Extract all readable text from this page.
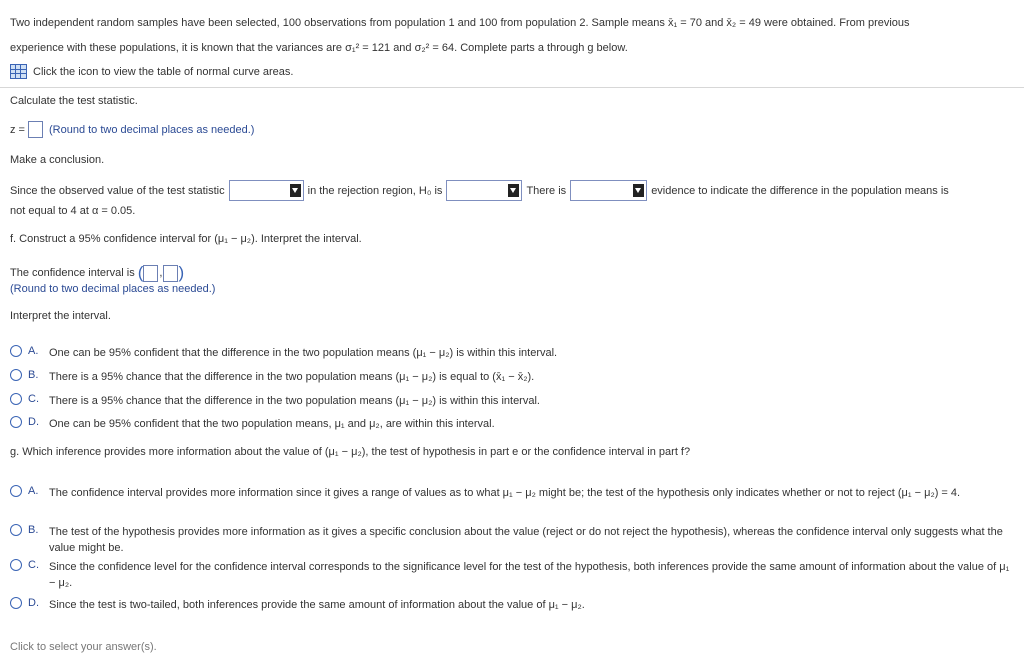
Two independent random samples have been selected, 100 observations from population 1 and 100 from population 2. Sample means x̄₁ = 70 and x̄₂ = 49 were obtained. From previous
experience with these populations, it is known that the variances are σ₁² = 121 and σ₂² = 64. Complete parts a through g below.
Click the icon to view the table of normal curve areas.
Calculate the test statistic.
z = (Round to two decimal places as needed.)
Make a conclusion.
Since the observed value of the test statistic	in the rejection region, H₀ is	There is	evidence to indicate the difference in the population means is
not equal to 4 at α = 0.05.
f. Construct a 95% confidence interval for (μ₁ − μ₂). Interpret the interval.
The confidence interval is ( , )
(Round to two decimal places as needed.)
Interpret the interval.
A. One can be 95% confident that the difference in the two population means (μ₁ − μ₂) is within this interval.
B. There is a 95% chance that the difference in the two population means (μ₁ − μ₂) is equal to (x̄₁ − x̄₂).
C. There is a 95% chance that the difference in the two population means (μ₁ − μ₂) is within this interval.
D. One can be 95% confident that the two population means, μ₁ and μ₂, are within this interval.
g. Which inference provides more information about the value of (μ₁ − μ₂), the test of hypothesis in part e or the confidence interval in part f?
A. The confidence interval provides more information since it gives a range of values as to what μ₁ − μ₂ might be; the test of the hypothesis only indicates whether or not to reject (μ₁ − μ₂) = 4.
B. The test of the hypothesis provides more information as it gives a specific conclusion about the value (reject or do not reject the hypothesis), whereas the confidence interval only suggests what the value might be.
C. Since the confidence level for the confidence interval corresponds to the significance level for the test of the hypothesis, both inferences provide the same amount of information about the value of μ₁ − μ₂.
D. Since the test is two-tailed, both inferences provide the same amount of information about the value of μ₁ − μ₂.
Click to select your answer(s).
